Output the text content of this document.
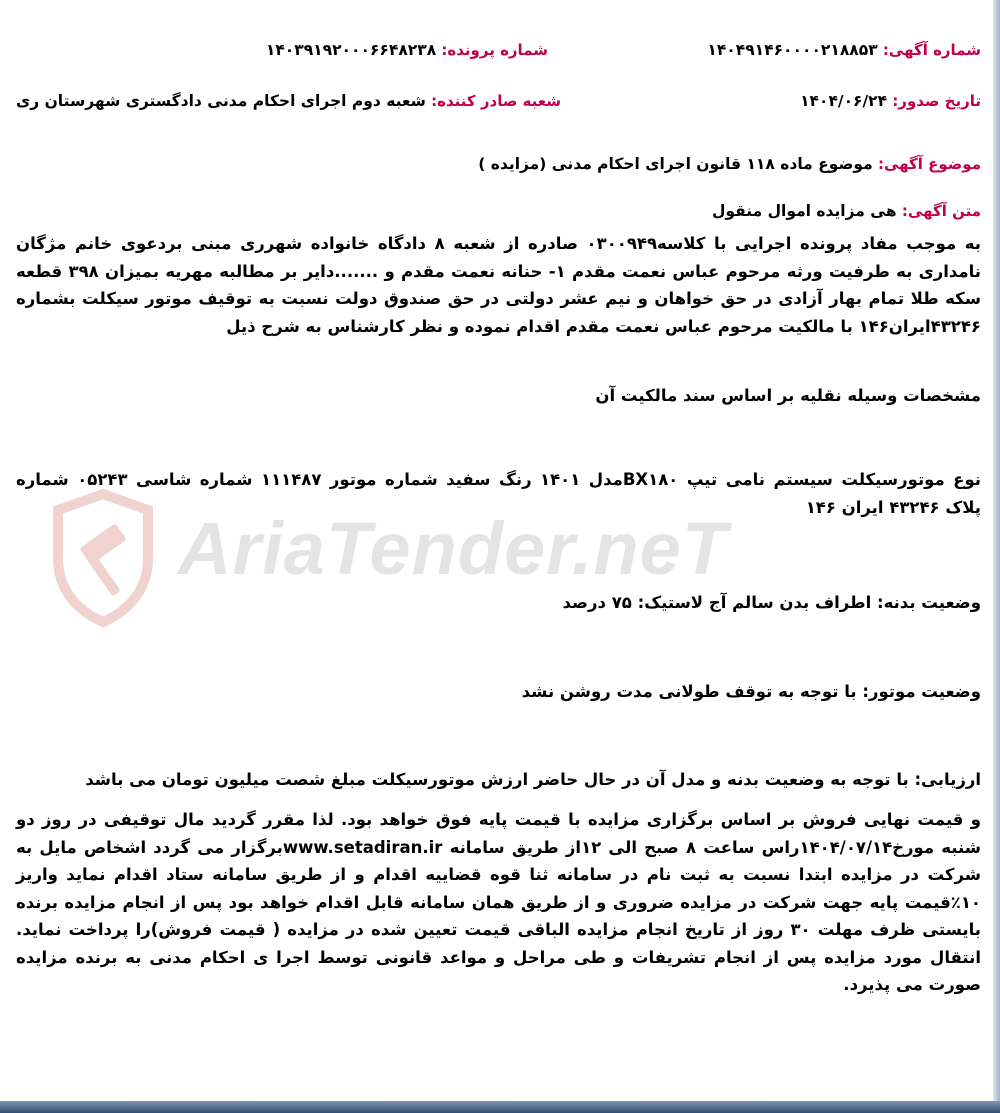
شماره آگهی: ۱۴۰۴۹۱۴۶۰۰۰۰۲۱۸۸۵۳
شماره پرونده: ۱۴۰۳۹۱۹۲۰۰۰۶۶۴۸۲۳۸
تاریخ صدور: ۱۴۰۴/۰۶/۲۴
شعبه صادر کننده: شعبه دوم اجرای احکام مدنی دادگستری شهرستان ری
موضوع آگهی: موضوع ماده ۱۱۸ قانون اجرای احکام مدنی (مزایده )
متن آگهی: هی مزایده اموال منقول
به موجب مفاد پرونده اجرایی با کلاسه۰۳۰۰۹۴۹ صادره از شعبه ۸ دادگاه خانواده شهرری مبنی بردعوی خانم مژگان نامداری به طرفیت ورثه مرحوم عباس نعمت مقدم ۱- حنانه نعمت مقدم و .......دایر بر مطالبه مهریه بمیزان ۳۹۸ قطعه سکه طلا تمام بهار آزادی در حق خواهان و نیم عشر دولتی در حق صندوق دولت نسبت به توقیف موتور سیکلت بشماره ۴۳۲۴۶ایران۱۴۶ با مالکیت مرحوم عباس نعمت مقدم اقدام نموده و نظر کارشناس به شرح ذیل
مشخصات وسیله نقلیه بر اساس سند مالکیت آن
نوع موتورسیکلت سیستم نامی تیپ BX۱۸۰مدل ۱۴۰۱ رنگ سفید شماره موتور ۱۱۱۴۸۷ شماره شاسی ۰۵۲۴۳ شماره پلاک ۴۳۲۴۶ ایران ۱۴۶
وضعیت بدنه: اطراف بدن سالم آج لاستیک: ۷۵ درصد
وضعیت موتور: با توجه به توقف طولانی مدت روشن نشد
ارزیابی: با توجه به وضعیت بدنه و مدل آن در حال حاضر ارزش موتورسیکلت مبلغ شصت میلیون تومان می باشد
و قیمت نهایی فروش بر اساس برگزاری مزایده با قیمت پایه فوق خواهد بود. لذا مقرر گردید مال توقیفی در روز دو شنبه مورخ۱۴۰۴/۰۷/۱۴راس ساعت ۸ صبح الی ۱۲از طریق سامانه www.setadiran.irبرگزار می گردد اشخاص مایل به شرکت در مزایده ابتدا نسبت به ثبت نام در سامانه ثنا قوه قضاییه اقدام و از طریق سامانه ستاد اقدام نماید واریز ۱۰٪قیمت پایه جهت شرکت در مزایده ضروری و از طریق همان سامانه قابل اقدام خواهد بود پس از انجام مزایده برنده بایستی ظرف مهلت ۳۰ روز از تاریخ انجام مزایده الباقی قیمت تعیین شده در مزایده ( قیمت فروش)را پرداخت نماید. انتقال مورد مزایده پس از انجام تشریفات و طی مراحل و مواعد قانونی توسط اجرا ی احکام مدنی به برنده مزایده صورت می پذیرد.
AriaTender.neT
